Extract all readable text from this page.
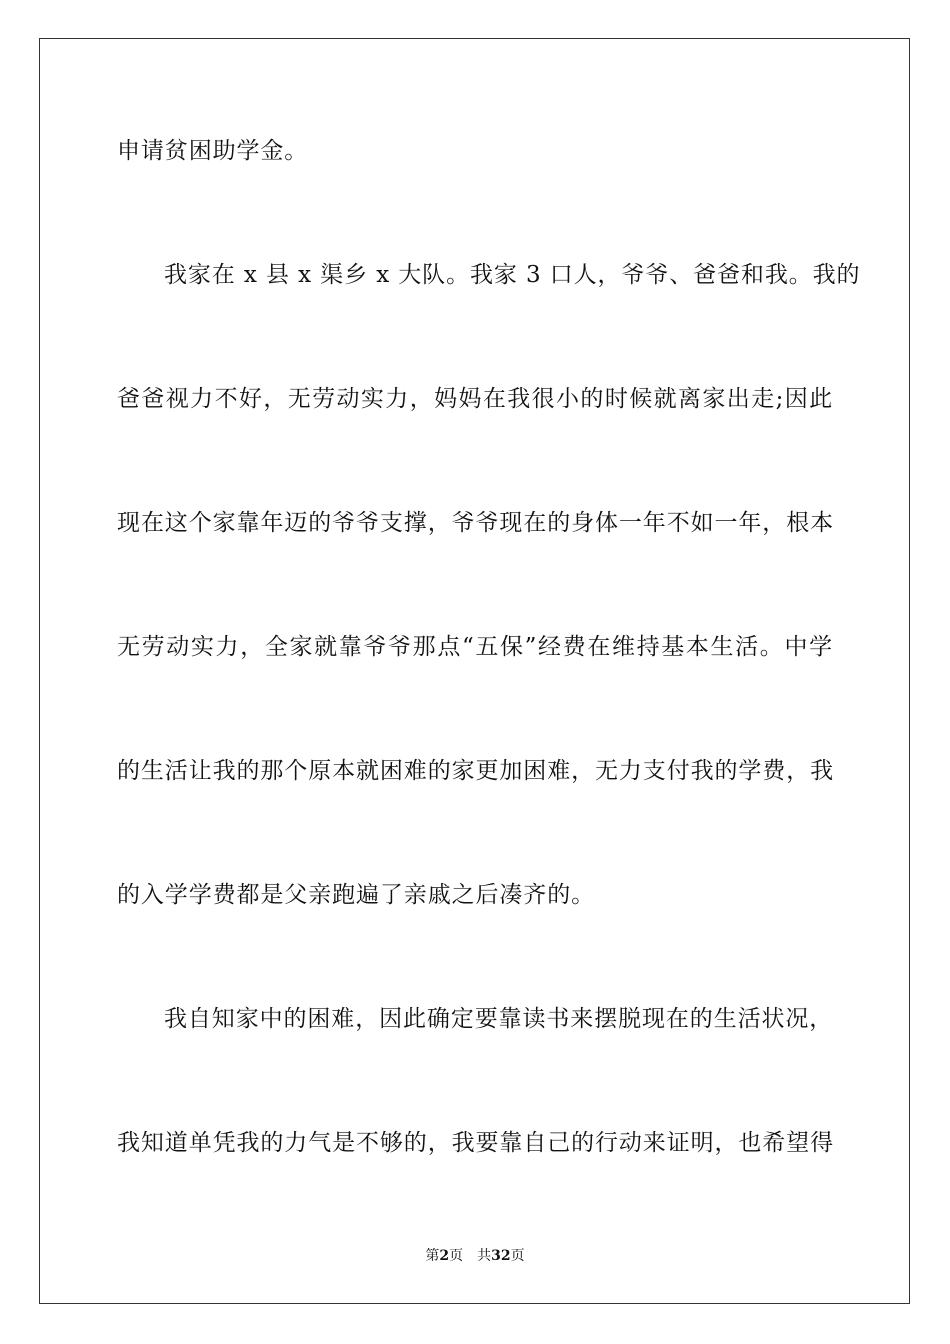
申请贫困助学金。
我家在 x 县 x 渠乡 x 大队。我家 3 口人，爷爷、爸爸和我。我的
爸爸视力不好，无劳动实力，妈妈在我很小的时候就离家出走;因此
现在这个家靠年迈的爷爷支撑，爷爷现在的身体一年不如一年，根本
无劳动实力，全家就靠爷爷那点“五保”经费在维持基本生活。中学
的生活让我的那个原本就困难的家更加困难，无力支付我的学费，我
的入学学费都是父亲跑遍了亲戚之后凑齐的。
我自知家中的困难，因此确定要靠读书来摆脱现在的生活状况，
我知道单凭我的力气是不够的，我要靠自己的行动来证明，也希望得
第2页 共32页
